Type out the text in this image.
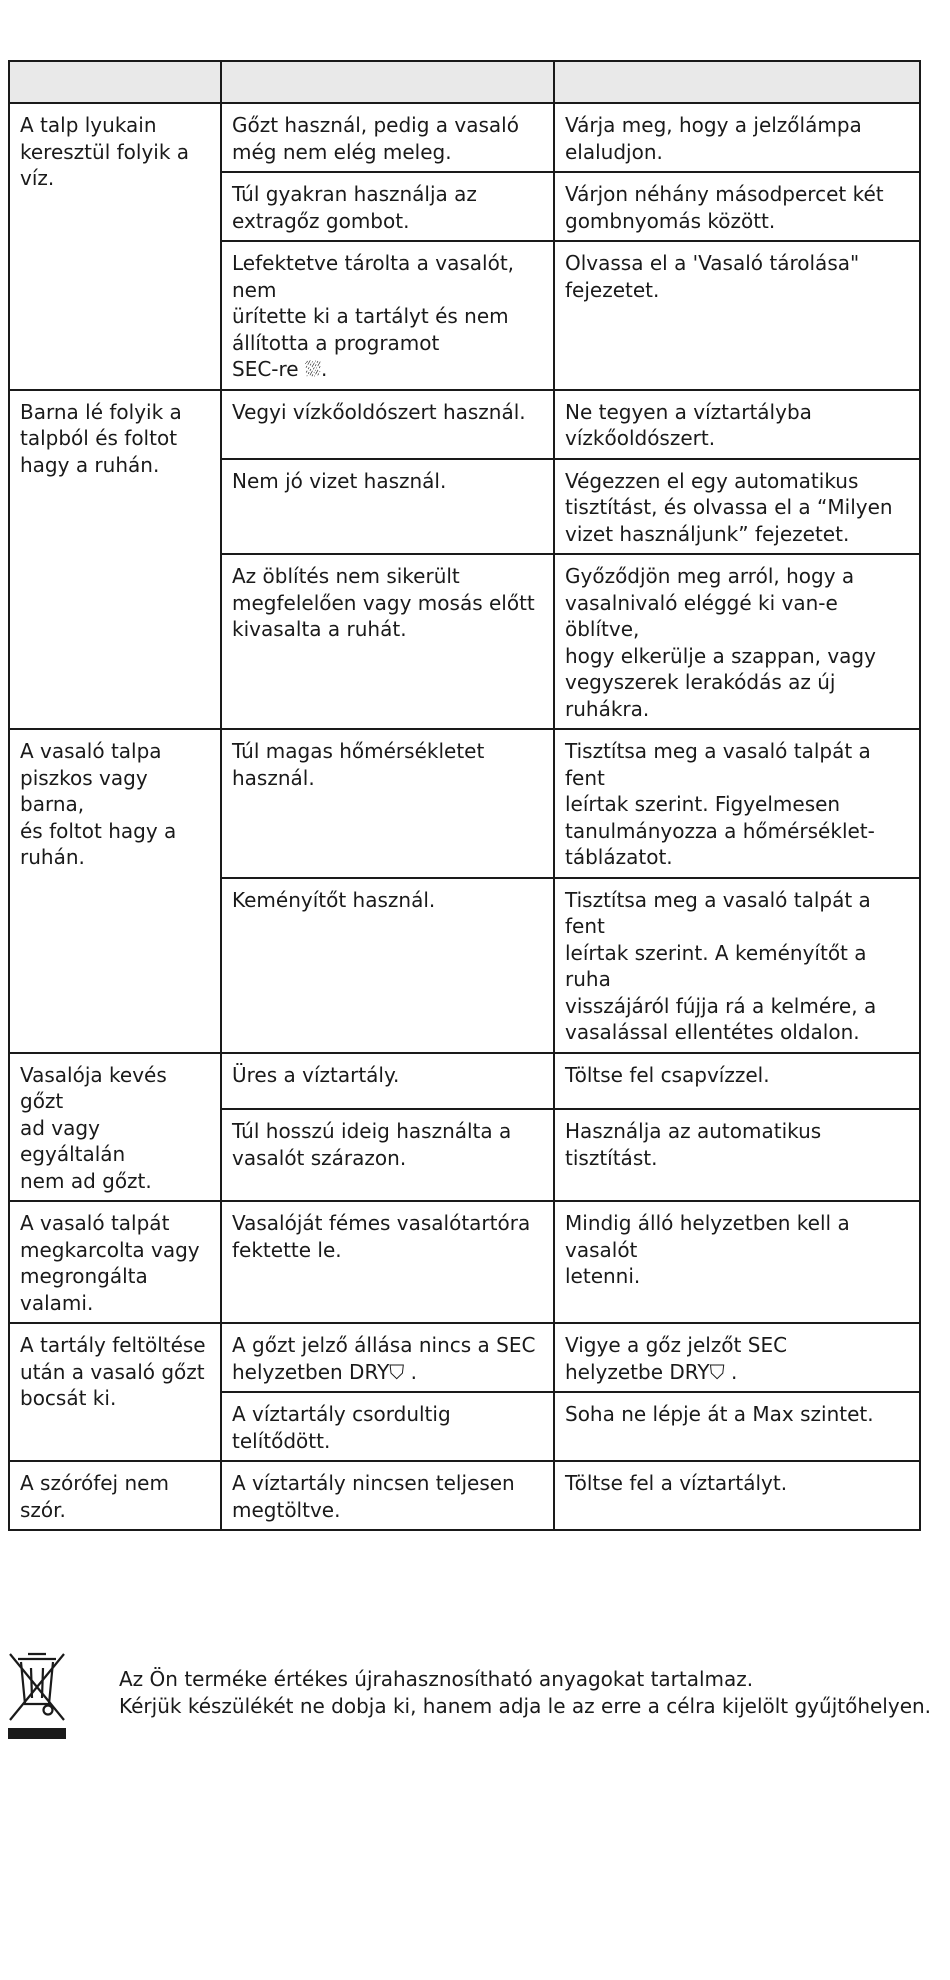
A talp lyukain
keresztül folyik a
víz.	Gőzt használ, pedig a vasaló
még nem elég meleg.	Várja meg, hogy a jelzőlámpa
elaludjon.
	Túl gyakran használja az
extragőz gombot.	Várjon néhány másodpercet két
gombnyomás között.
	Lefektetve tárolta a vasalót, nem
ürítette ki a tartályt és nem
állította a programot
SEC-re ⛆.	Olvassa el a 'Vasaló tárolása"
fejezetet.
Barna lé folyik a
talpból és foltot
hagy a ruhán.	Vegyi vízkőoldószert használ.	Ne tegyen a víztartályba
vízkőoldószert.
	Nem jó vizet használ.	Végezzen el egy automatikus
tisztítást, és olvassa el a “Milyen
vizet használjunk” fejezetet.
	Az öblítés nem sikerült
megfelelően vagy mosás előtt
kivasalta a ruhát.	Győződjön meg arról, hogy a
vasalnivaló eléggé ki van-e öblítve,
hogy elkerülje a szappan, vagy
vegyszerek lerakódás az új ruhákra.
A vasaló talpa
piszkos vagy barna,
és foltot hagy a
ruhán.	Túl magas hőmérsékletet
használ.	Tisztítsa meg a vasaló talpát a fent
leírtak szerint. Figyelmesen
tanulmányozza a hőmérséklet-
táblázatot.
	Keményítőt használ.	Tisztítsa meg a vasaló talpát a fent
leírtak szerint. A keményítőt a ruha
visszájáról fújja rá a kelmére, a
vasalással ellentétes oldalon.
Vasalója kevés gőzt
ad vagy egyáltalán
nem ad gőzt.	Üres a víztartály.	Töltse fel csapvízzel.
	Túl hosszú ideig használta a
vasalót szárazon.	Használja az automatikus tisztítást.
A vasaló talpát
megkarcolta vagy
megrongálta
valami.	Vasalóját fémes vasalótartóra
fektette le.	Mindig álló helyzetben kell a
vasalót
letenni.
A tartály feltöltése
után a vasaló gőzt
bocsát ki.	A gőzt jelző állása nincs a SEC
helyzetben DRY⛉ .	Vigye a gőz jelzőt SEC
helyzetbe DRY⛉ .
	A víztartály csordultig
telítődött.	Soha ne lépje át a Max szintet.
A szórófej nem
szór.	A víztartály nincsen teljesen
megtöltve.	Töltse fel a víztartályt.
Az Ön terméke értékes újrahasznosítható anyagokat tartalmaz.
Kérjük készülékét ne dobja ki, hanem adja le az erre a célra kijelölt gyűjtőhelyen.
